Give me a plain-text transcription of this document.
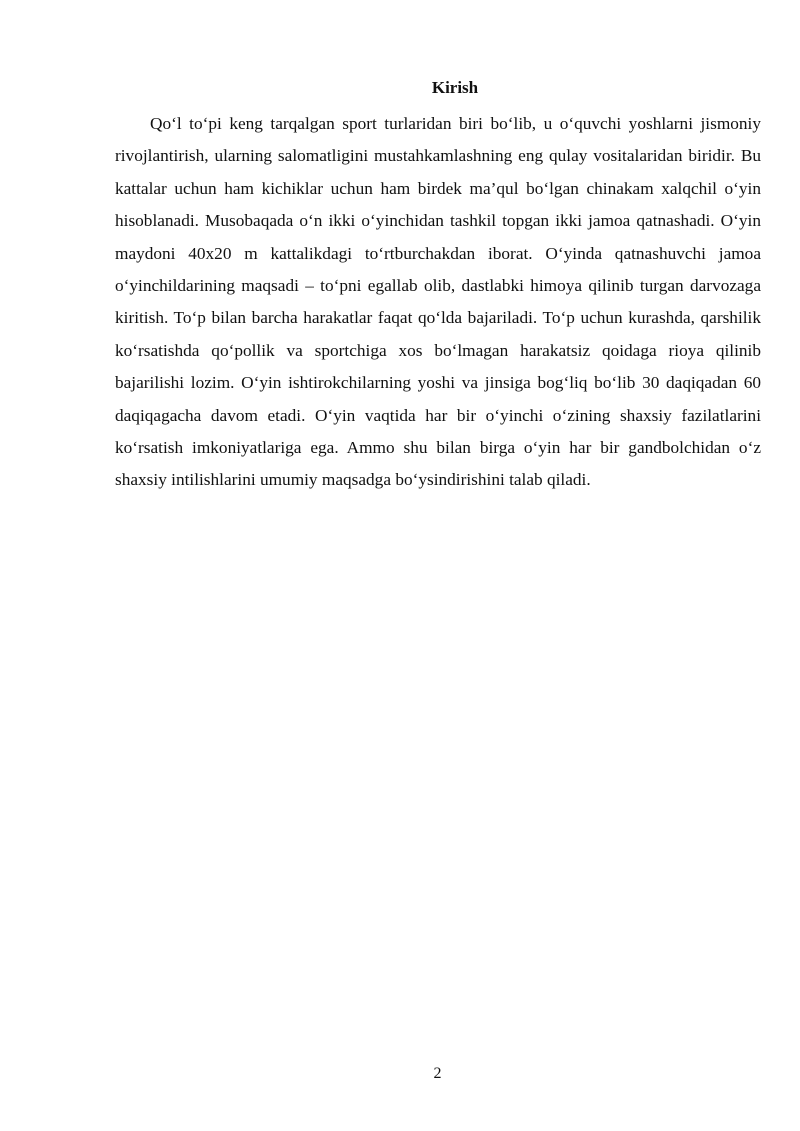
Kirish

Qo‘l to‘pi keng tarqalgan sport turlaridan biri bo‘lib, u o‘quvchi yoshlarni jismoniy rivojlantirish, ularning salomatligini mustahkamlashning eng qulay vositalaridan biridir. Bu kattalar uchun ham kichiklar uchun ham birdek ma’qul bo‘lgan chinakam xalqchil o‘yin hisoblanadi. Musobaqada o‘n ikki o‘yinchidan tashkil topgan ikki jamoa qatnashadi. O‘yin maydoni 40x20 m kattalikdagi to‘rtburchakdan iborat. O‘yinda qatnashuvchi jamoa o‘yinchildarining maqsadi – to‘pni egallab olib, dastlabki himoya qilinib turgan darvozaga kiritish. To‘p bilan barcha harakatlar faqat qo‘lda bajariladi. To‘p uchun kurashda, qarshilik ko‘rsatishda qo‘pollik va sportchiga xos bo‘lmagan harakatsiz qoidaga rioya qilinib bajarilishi lozim. O‘yin ishtirokchilarning yoshi va jinsiga bog‘liq bo‘lib 30 daqiqadan 60 daqiqagacha davom etadi. O‘yin vaqtida har bir o‘yinchi o‘zining shaxsiy fazilatlarini ko‘rsatish imkoniyatlariga ega. Ammo shu bilan birga o‘yin har bir gandbolchidan o‘z shaxsiy intilishlarini umumiy maqsadga bo‘ysindirishini talab qiladi.

2
